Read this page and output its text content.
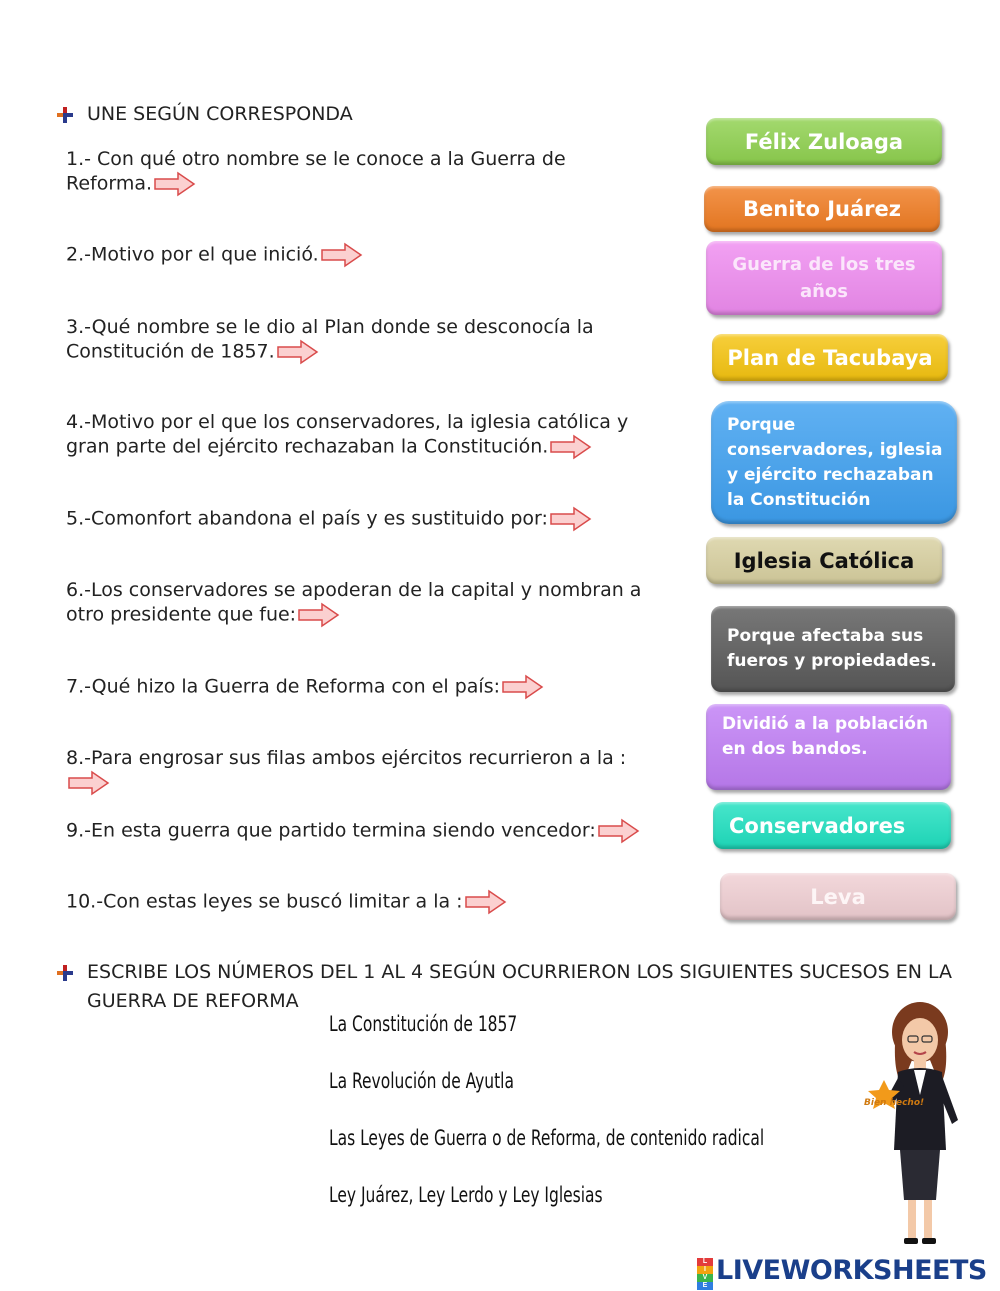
UNE SEGÚN CORRESPONDA
1.- Con qué otro nombre se le conoce a la Guerra de
Reforma.
2.-Motivo por el que inició.
3.-Qué nombre se le dio al Plan donde se desconocía la
Constitución de 1857.
4.-Motivo por el que los conservadores, la iglesia católica y
gran parte del ejército rechazaban la Constitución.
5.-Comonfort abandona el país y es sustituido por:
6.-Los conservadores se apoderan de la capital y nombran a
otro presidente que fue:
7.-Qué hizo la Guerra de Reforma con el país:
8.-Para engrosar sus filas ambos ejércitos recurrieron a la :
9.-En esta guerra que partido termina siendo vencedor:
10.-Con estas leyes se buscó limitar a la :
Félix Zuloaga
Benito Juárez
Guerra de los tres años
Plan de Tacubaya
Porque conservadores, iglesia y ejército rechazaban la Constitución
Iglesia Católica
Porque afectaba sus fueros y propiedades.
Dividió a la población en dos bandos.
Conservadores
Leva
ESCRIBE LOS NÚMEROS DEL 1 AL 4 SEGÚN OCURRIERON LOS SIGUIENTES SUCESOS EN LA
GUERRA DE REFORMA
La Constitución de 1857
La Revolución de Ayutla
Las Leyes de Guerra o de Reforma, de contenido radical
Ley Juárez, Ley Lerdo y Ley Iglesias
Bien hecho!
L
I
V
E LIVEWORKSHEETS
